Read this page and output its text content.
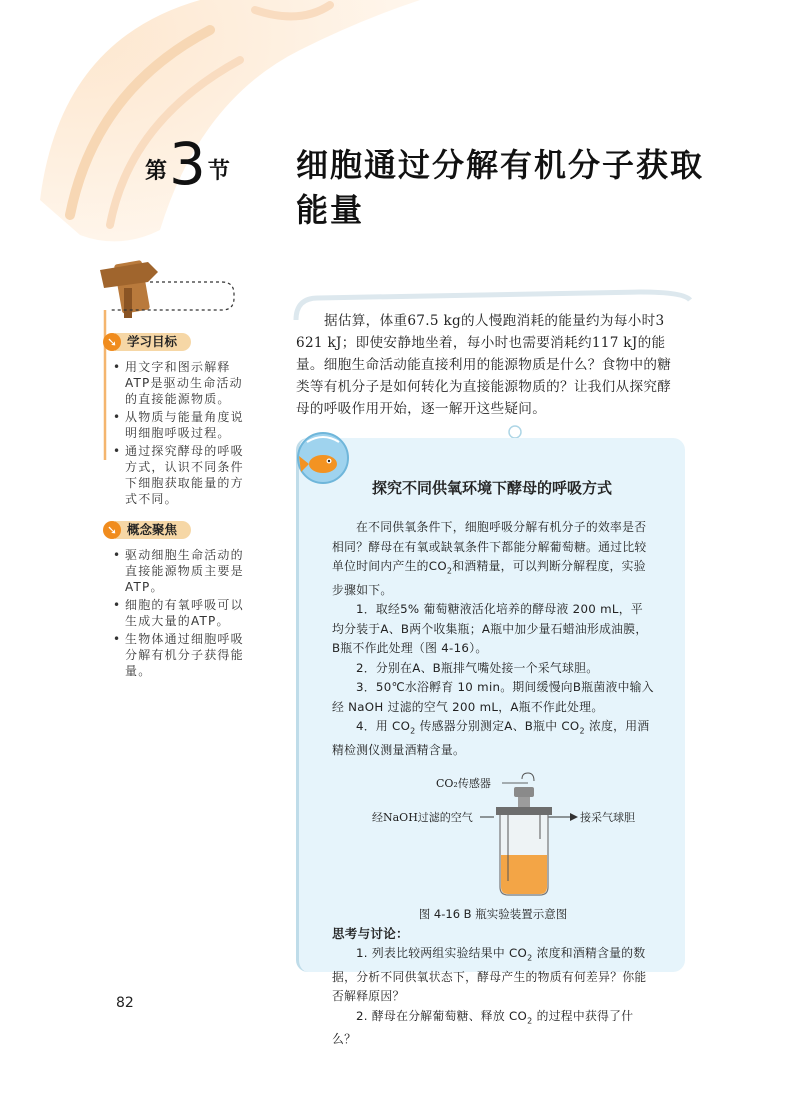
第3节 细胞通过分解有机分子获取能量
➘ 学习目标
• 用文字和图示解释ATP是驱动生命活动的直接能源物质。
• 从物质与能量角度说明细胞呼吸过程。
• 通过探究酵母的呼吸方式，认识不同条件下细胞获取能量的方式不同。
➘ 概念聚焦
• 驱动细胞生命活动的直接能源物质主要是ATP。
• 细胞的有氧呼吸可以生成大量的ATP。
• 生物体通过细胞呼吸分解有机分子获得能量。

据估算，体重67.5 kg的人慢跑消耗的能量约为每小时3 621 kJ；即使安静地坐着，每小时也需要消耗约117 kJ的能量。细胞生命活动能直接利用的能源物质是什么？食物中的糖类等有机分子是如何转化为直接能源物质的？让我们从探究酵母的呼吸作用开始，逐一解开这些疑问。

探究不同供氧环境下酵母的呼吸方式

在不同供氧条件下，细胞呼吸分解有机分子的效率是否相同？酵母在有氧或缺氧条件下都能分解葡萄糖。通过比较单位时间内产生的$CO_2$和酒精量，可以判断分解程度，实验步骤如下。

1．取经5% 葡萄糖液活化培养的酵母液 200 mL，平均分装于A、B两个收集瓶；A瓶中加少量石蜡油形成油膜，B瓶不作此处理（图 4-16）。

2．分别在A、B瓶排气嘴处接一个采气球胆。

3．50℃水浴孵育 10 min。期间缓慢向B瓶菌液中输入经 NaOH 过滤的空气 200 mL，A瓶不作此处理。

4．用 $CO_2$ 传感器分别测定A、B瓶中 $CO_2$ 浓度，用酒精检测仪测量酒精含量。

CO₂传感器
经NaOH过滤的空气	接采气球胆
图 4-16 B 瓶实验装置示意图

思考与讨论：

1. 列表比较两组实验结果中 $CO_2$ 浓度和酒精含量的数据，分析不同供氧状态下，酵母产生的物质有何差异？你能否解释原因？

2. 酵母在分解葡萄糖、释放 $CO_2$ 的过程中获得了什么？

82
